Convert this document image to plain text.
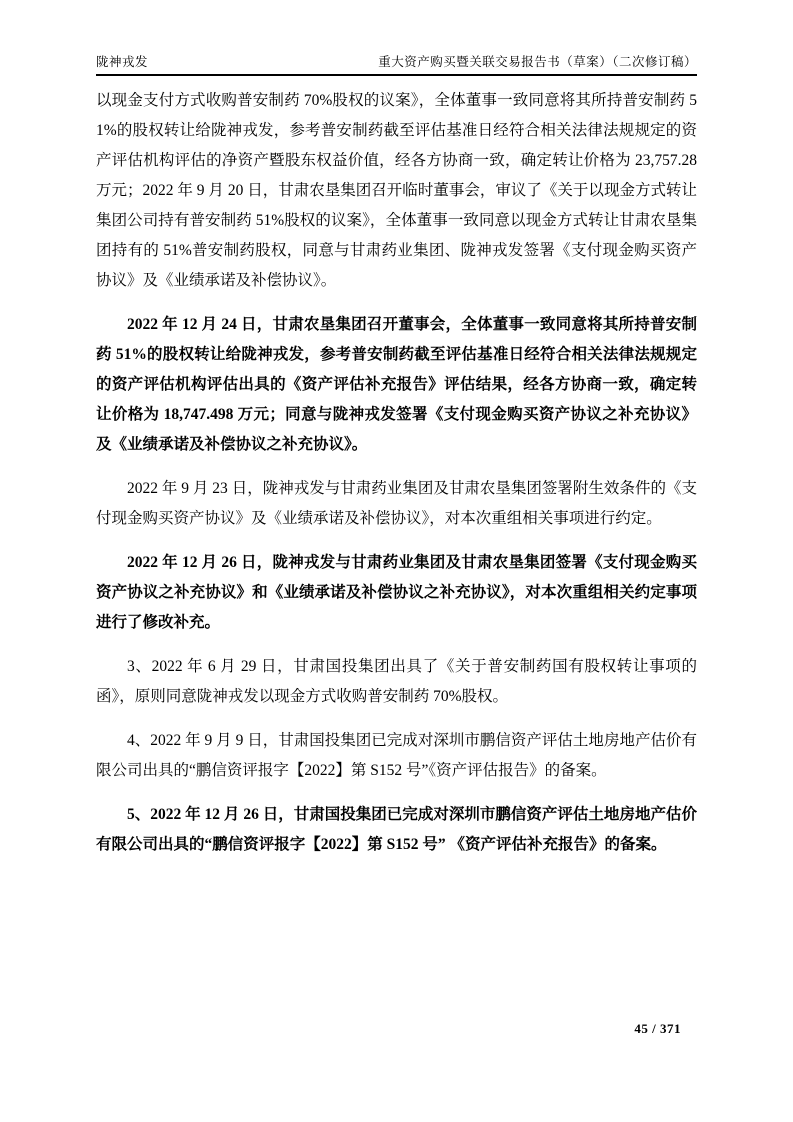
陇神戎发	重大资产购买暨关联交易报告书（草案）（二次修订稿）

以现金支付方式收购普安制药 70%股权的议案》，全体董事一致同意将其所持普安制药 51%的股权转让给陇神戎发，参考普安制药截至评估基准日经符合相关法律法规规定的资产评估机构评估的净资产暨股东权益价值，经各方协商一致，确定转让价格为 23,757.28 万元；2022 年 9 月 20 日，甘肃农垦集团召开临时董事会，审议了《关于以现金方式转让集团公司持有普安制药 51%股权的议案》，全体董事一致同意以现金方式转让甘肃农垦集团持有的 51%普安制药股权，同意与甘肃药业集团、陇神戎发签署《支付现金购买资产协议》及《业绩承诺及补偿协议》。

2022 年 12 月 24 日，甘肃农垦集团召开董事会，全体董事一致同意将其所持普安制药 51%的股权转让给陇神戎发，参考普安制药截至评估基准日经符合相关法律法规规定的资产评估机构评估出具的《资产评估补充报告》评估结果，经各方协商一致，确定转让价格为 18,747.498 万元；同意与陇神戎发签署《支付现金购买资产协议之补充协议》及《业绩承诺及补偿协议之补充协议》。

2022 年 9 月 23 日，陇神戎发与甘肃药业集团及甘肃农垦集团签署附生效条件的《支付现金购买资产协议》及《业绩承诺及补偿协议》，对本次重组相关事项进行约定。

2022 年 12 月 26 日，陇神戎发与甘肃药业集团及甘肃农垦集团签署《支付现金购买资产协议之补充协议》和《业绩承诺及补偿协议之补充协议》，对本次重组相关约定事项进行了修改补充。

3、2022 年 6 月 29 日，甘肃国投集团出具了《关于普安制药国有股权转让事项的函》，原则同意陇神戎发以现金方式收购普安制药 70%股权。

4、2022 年 9 月 9 日，甘肃国投集团已完成对深圳市鹏信资产评估土地房地产估价有限公司出具的“鹏信资评报字【2022】第 S152 号”《资产评估报告》的备案。

5、2022 年 12 月 26 日，甘肃国投集团已完成对深圳市鹏信资产评估土地房地产估价有限公司出具的“鹏信资评报字【2022】第 S152 号” 《资产评估补充报告》的备案。

45 / 371
